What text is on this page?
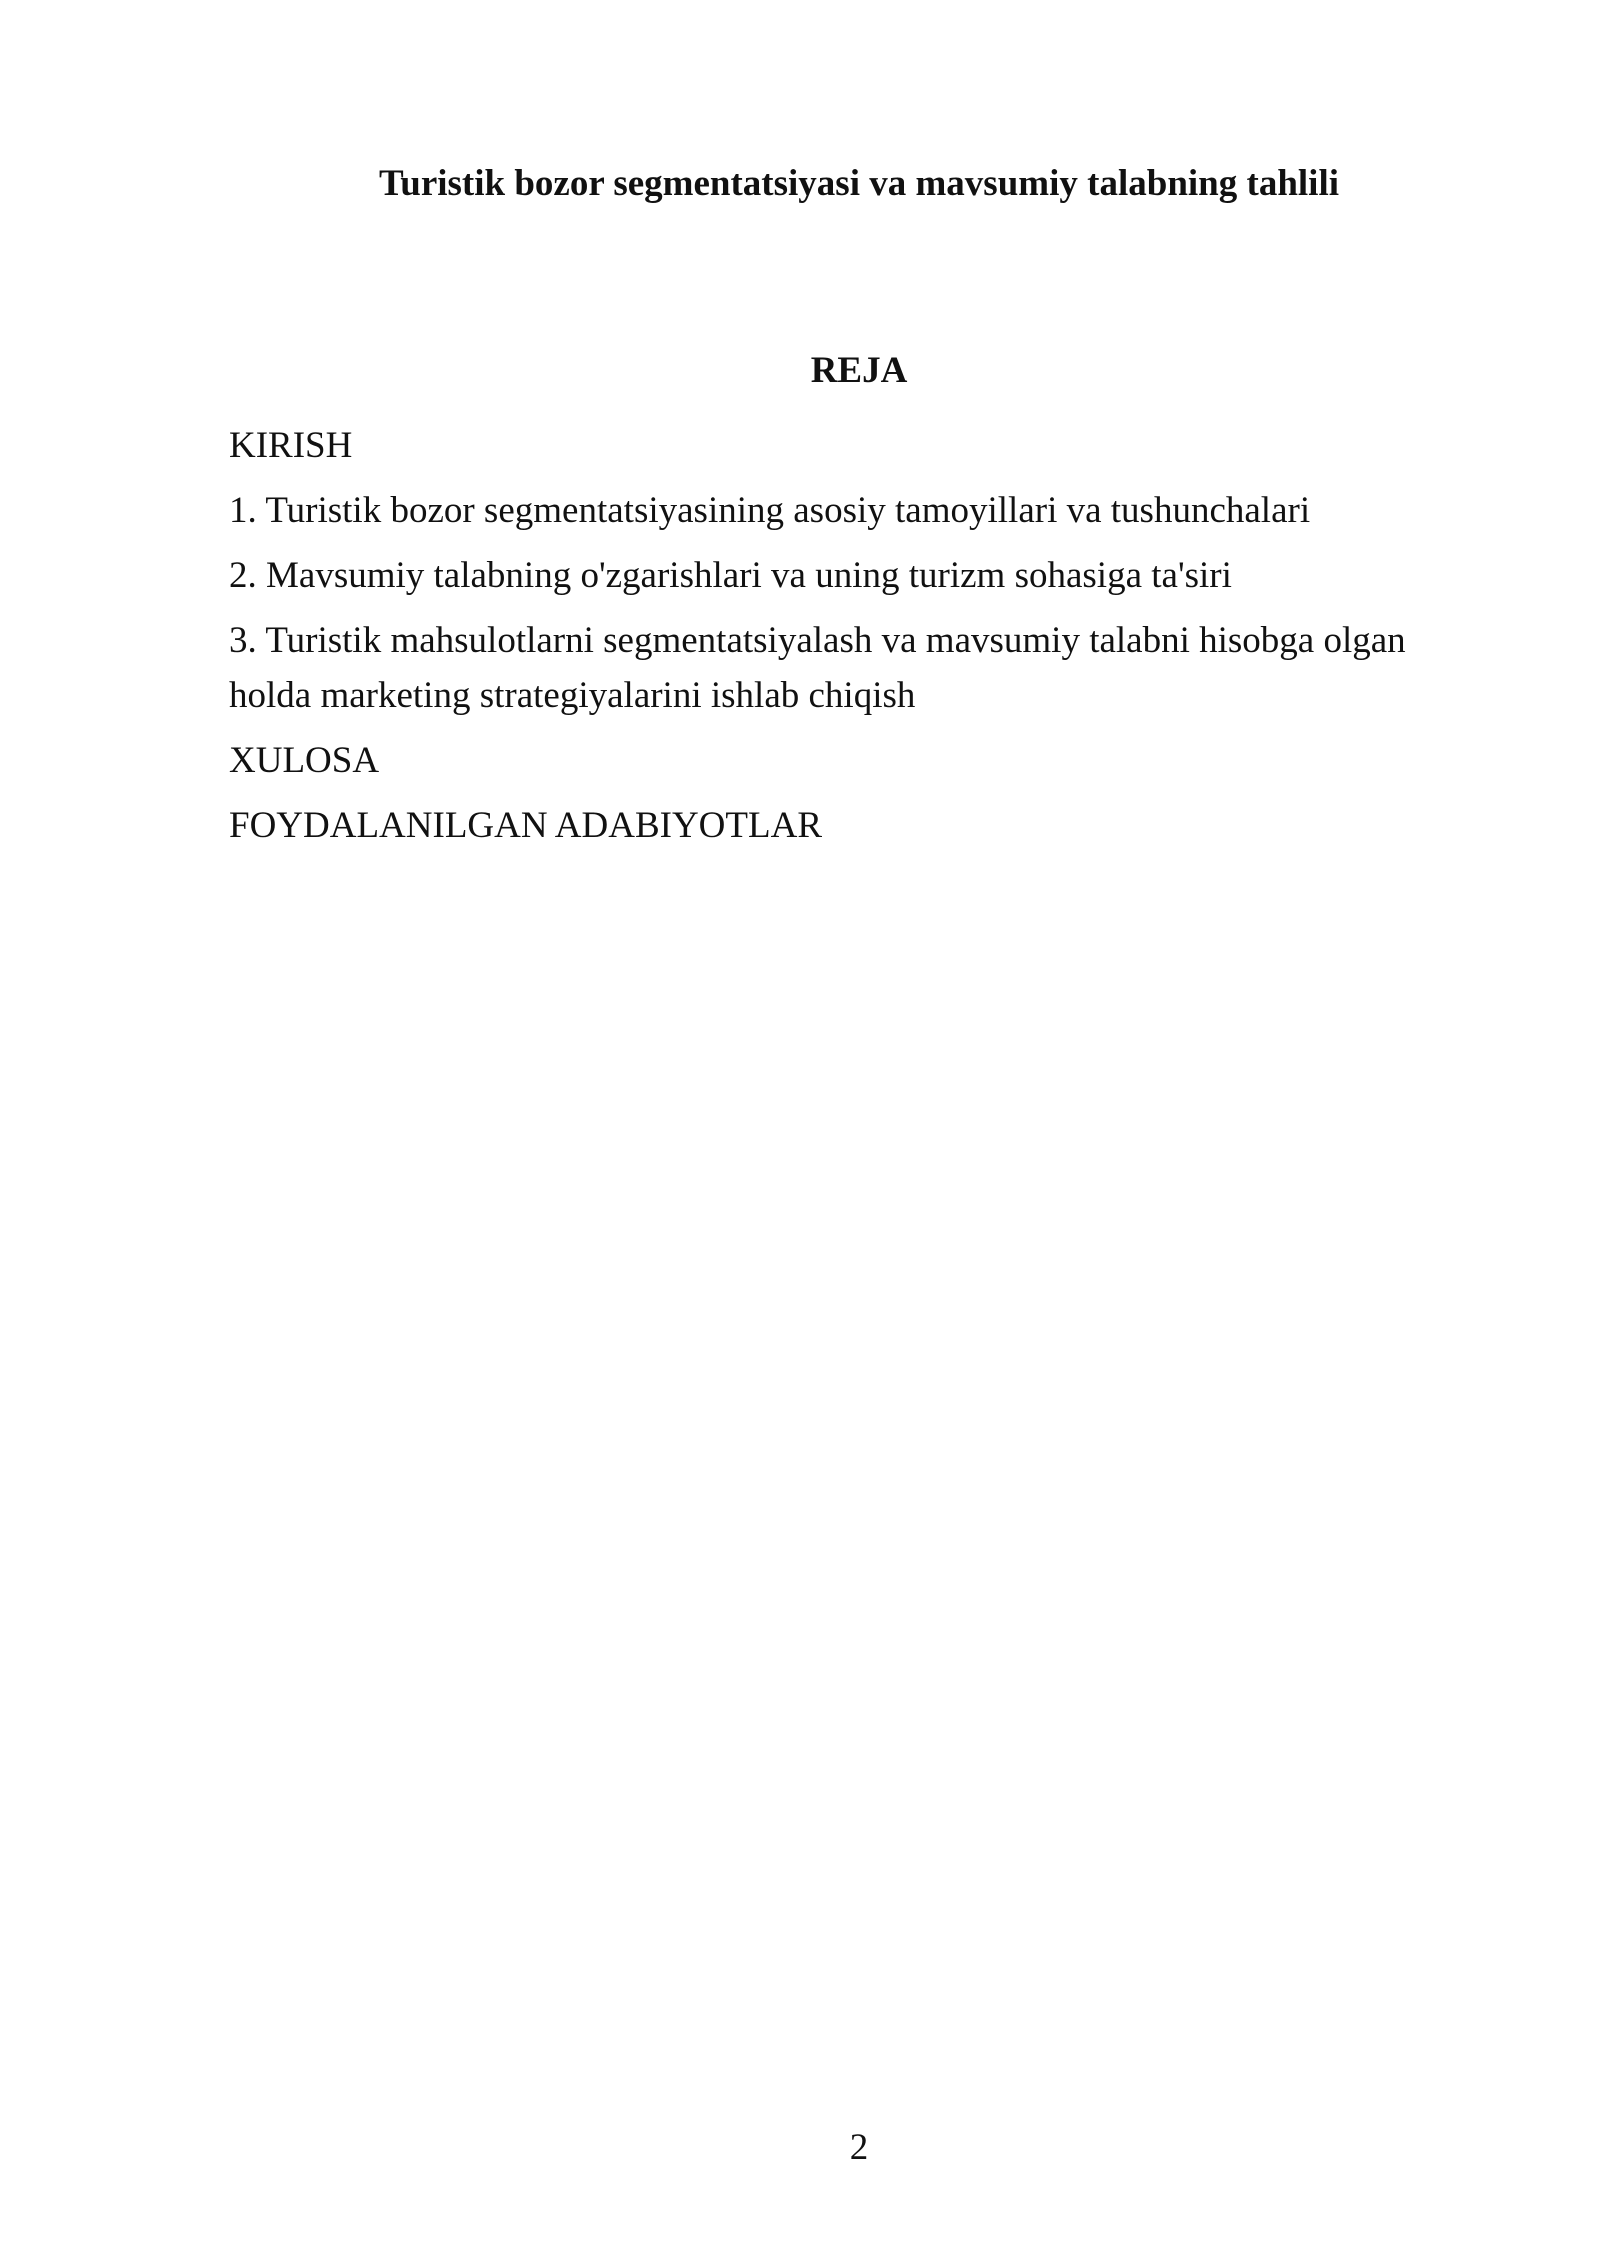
Turistik bozor segmentatsiyasi va mavsumiy talabning tahlili
REJA
KIRISH
1. Turistik bozor segmentatsiyasining asosiy tamoyillari va tushunchalari
2. Mavsumiy talabning o'zgarishlari va uning turizm sohasiga ta'siri
3. Turistik mahsulotlarni segmentatsiyalash va mavsumiy talabni hisobga olgan holda marketing strategiyalarini ishlab chiqish
XULOSA
FOYDALANILGAN ADABIYOTLAR
2
